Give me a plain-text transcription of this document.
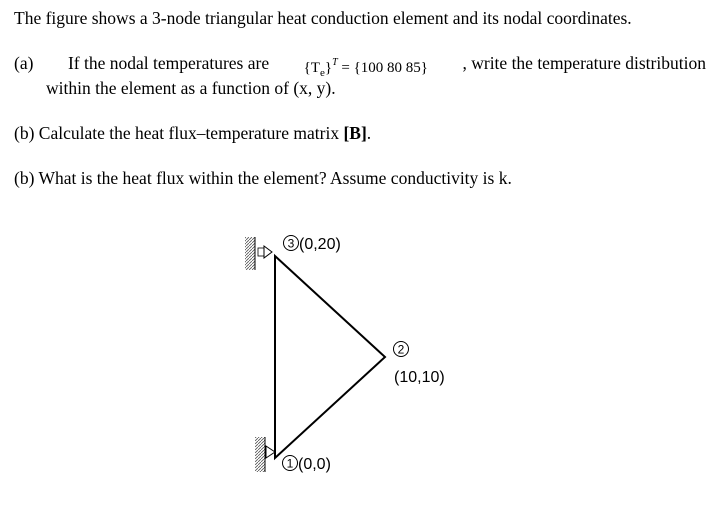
The figure shows a 3-node triangular heat conduction element and its nodal coordinates.
(a) If the nodal temperatures are $\{T_e\}^T = \{100$ 80 85} , write the temperature distribution
within the element as a function of (x, y).
(b) Calculate the heat flux–temperature matrix [B].
(b) What is the heat flux within the element? Assume conductivity is k.
3 (0,20)
2
(10,10)
1 (0,0)
